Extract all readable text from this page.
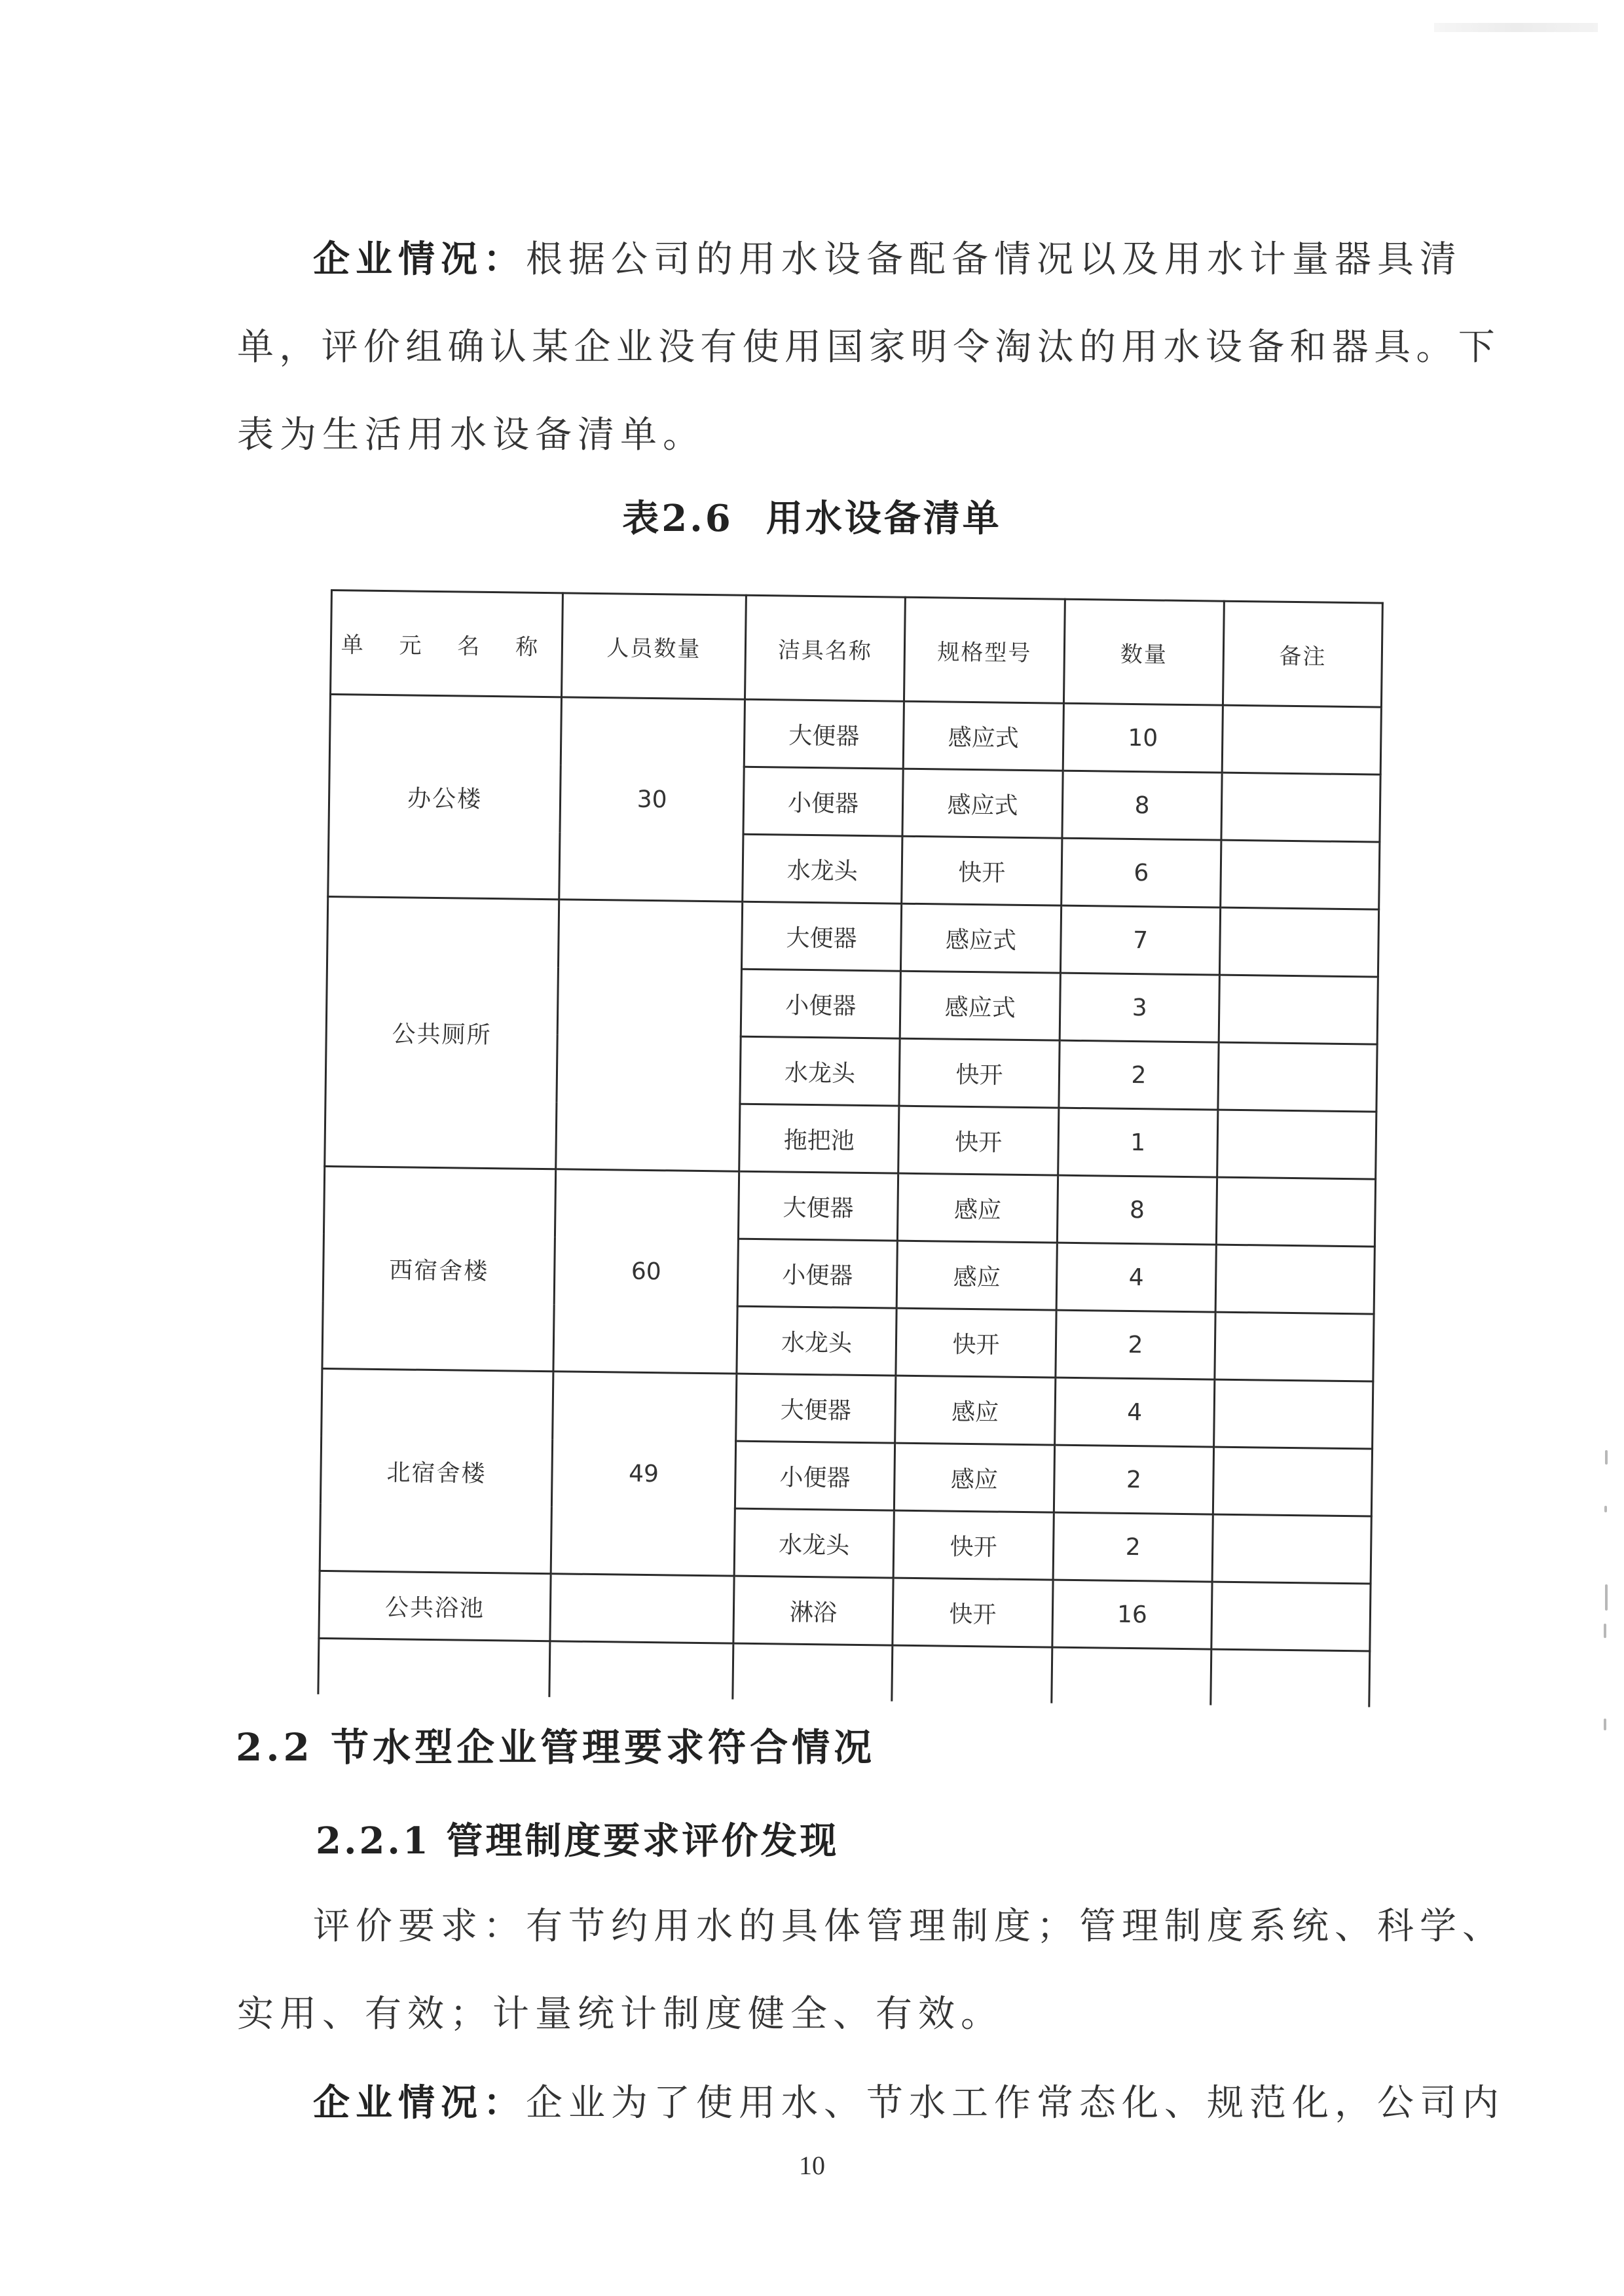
企业情况：根据公司的用水设备配备情况以及用水计量器具清
单，评价组确认某企业没有使用国家明令淘汰的用水设备和器具。下
表为生活用水设备清单。
表2.6 用水设备清单
单 元 名 称	人员数量	洁具名称	规格型号	数量	备注
办公楼	30	大便器	感应式	10	
		小便器	感应式	8	
		水龙头	快开	6	
公共厕所		大便器	感应式	7	
		小便器	感应式	3	
		水龙头	快开	2	
		拖把池	快开	1	
西宿舍楼	60	大便器	感应	8	
		小便器	感应	4	
		水龙头	快开	2	
北宿舍楼	49	大便器	感应	4	
		小便器	感应	2	
		水龙头	快开	2	
公共浴池		淋浴	快开	16	

2.2 节水型企业管理要求符合情况
2.2.1 管理制度要求评价发现
评价要求：有节约用水的具体管理制度；管理制度系统、科学、
实用、有效；计量统计制度健全、有效。
企业情况：企业为了使用水、节水工作常态化、规范化，公司内
10
